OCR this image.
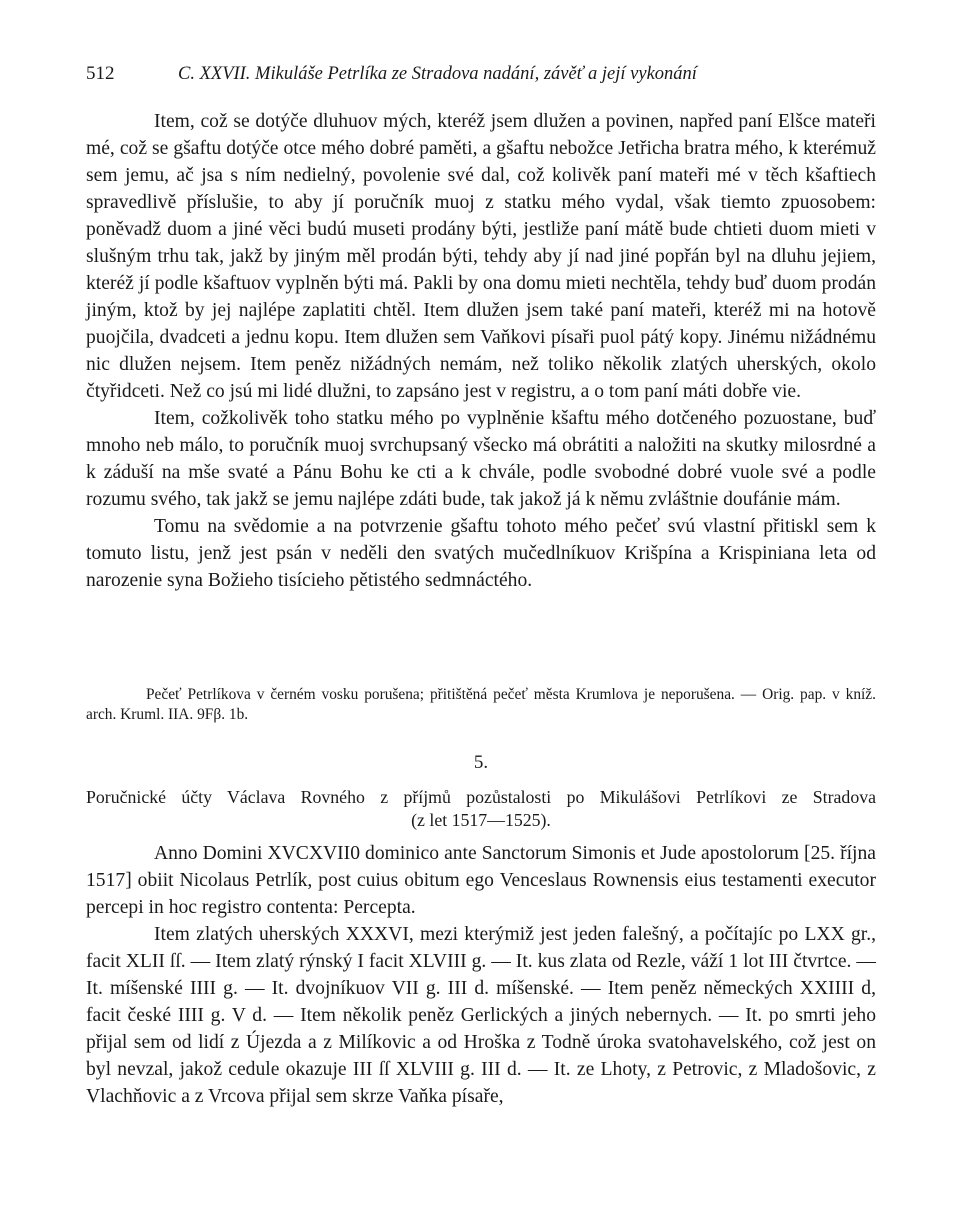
512	C. XXVII. Mikuláše Petrlíka ze Stradova nadání, závěť a její vykonání

Item, což se dotýče dluhuov mých, kteréž jsem dlužen a povinen, napřed paní Elšce mateři mé, což se gšaftu dotýče otce mého dobré paměti, a gšaftu nebožce Jetřicha bratra mého, k kterémuž sem jemu, ač jsa s ním nedielný, povolenie své dal, což kolivěk paní mateři mé v těch kšaftiech spravedlivě příslušie, to aby jí poručník muoj z statku mého vydal, však tiemto zpuosobem: poněvadž duom a jiné věci budú museti prodány býti, jestliže paní mátě bude chtieti duom mieti v slušným trhu tak, jakž by jiným měl prodán býti, tehdy aby jí nad jiné popřán byl na dluhu jejiem, kteréž jí podle kšaftuov vyplněn býti má. Pakli by ona domu mieti nechtěla, tehdy buď duom prodán jiným, ktož by jej najlépe zaplatiti chtěl. Item dlužen jsem také paní mateři, kteréž mi na hotově puojčila, dvadceti a jednu kopu. Item dlužen sem Vaňkovi písaři puol pátý kopy. Jinému nižádnému nic dlužen nejsem. Item peněz nižádných nemám, než toliko několik zlatých uherských, okolo čtyřidceti. Než co jsú mi lidé dlužni, to zapsáno jest v registru, a o tom paní máti dobře vie.

Item, cožkolivěk toho statku mého po vyplněnie kšaftu mého dotčeného pozuostane, buď mnoho neb málo, to poručník muoj svrchupsaný všecko má obrátiti a naložiti na skutky milosrdné a k záduší na mše svaté a Pánu Bohu ke cti a k chvále, podle svobodné dobré vuole své a podle rozumu svého, tak jakž se jemu najlépe zdáti bude, tak jakož já k němu zvláštnie doufánie mám.

Tomu na svědomie a na potvrzenie gšaftu tohoto mého pečeť svú vlastní přitiskl sem k tomuto listu, jenž jest psán v neděli den svatých mučedlníkuov Krišpína a Krispiniana leta od narozenie syna Božieho tisícieho pětistého sedmnáctého.

Pečeť Petrlíkova v černém vosku porušena; přitištěná pečeť města Krumlova je neporušena. — Orig. pap. v kníž. arch. Kruml. IIA. 9Fβ. 1b.

5.
Poručnické účty Václava Rovného z příjmů pozůstalosti po Mikulášovi Petrlíkovi ze Stradova
(z let 1517—1525).

Anno Domini XVCXVII0 dominico ante Sanctorum Simonis et Jude apostolorum [25. října 1517] obiit Nicolaus Petrlík, post cuius obitum ego Venceslaus Rownensis eius testamenti executor percepi in hoc registro contenta: Percepta.

Item zlatých uherských XXXVI, mezi kterýmiž jest jeden falešný, a počítajíc po LXX gr., facit XLII ſſ. — Item zlatý rýnský I facit XLVIII g. — It. kus zlata od Rezle, váží 1 lot III čtvrtce. — It. míšenské IIII g. — It. dvojníkuov VII g. III d. míšenské. — Item peněz německých XXIIII d, facit české IIII g. V d. — Item několik peněz Gerlických a jiných nebernych. — It. po smrti jeho přijal sem od lidí z Újezda a z Milíkovic a od Hroška z Todně úroka svatohavelského, což jest on byl nevzal, jakož cedule okazuje III ſſ XLVIII g. III d. — It. ze Lhoty, z Petrovic, z Mladošovic, z Vlachňovic a z Vrcova přijal sem skrze Vaňka písaře,
